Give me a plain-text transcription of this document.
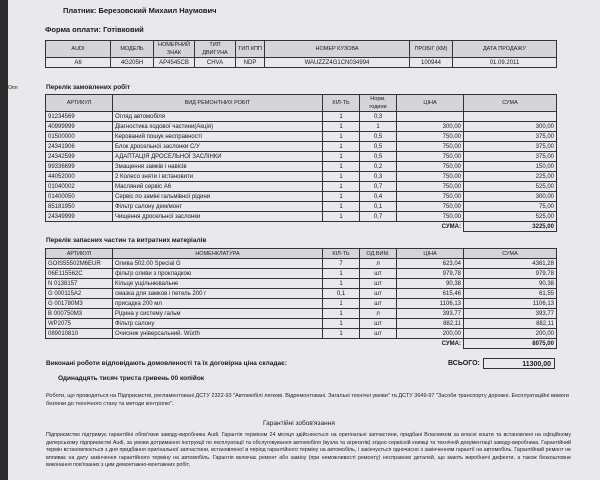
Платник: Березовский Михаил Наумович
Форма оплати: Готівковий
AUDI	МОДЕЛЬ	НОМЕРНИЙ ЗНАК	ТИП ДВИГУНА	ТИП КПП	НОМЕР КУЗОВА	ПРОБІГ (КМ)	ДАТА ПРОДАЖУ
A6	4G205H	AP4545CB	CHVA	NDP	WAUZZZ4G1CN034994	100944	01.09.2011
Опл	Перелік замовлених робіт
АРТИКУЛ	ВИД РЕМОНТНИХ РОБІТ	КІЛ-ТЬ	Норм. години	ЦІНА	СУМА
91234569	Огляд автомобіля	1	0,3		
40999999	Діагностика ходової частини(Акція)	1	1	300,00	300,00
01500000	Керований пошук несправності	1	0,5	750,00	375,00
24341906	Блок дросельної заслонки С/У	1	0,5	750,00	375,00
24342599	АДАПТАЦІЯ ДРОСЕЛЬНОЇ ЗАСЛІНКИ	1	0,5	750,00	375,00
99336699	Змащення замків і навісів	1	0,2	750,00	150,00
44052000	2 Колесо зняти і встановити	1	0,3	750,00	225,00
01040002	Масляний сервіс A6	1	0,7	750,00	525,00
01400050	Сервіс по заміні гальмівної рідини	1	0,4	750,00	300,00
85181950	Фільтр салону дем/монт	1	0,1	750,00	75,00
24349999	Чищення дросельної заслонки	1	0,7	750,00	525,00
				СУМА:	3225,00
Перелік запасних частин та витратних матеріалів
АРТИКУЛ	НОМЕНКЛАТУРА	КІЛ-ТЬ	ОД.ВИМ.	ЦІНА	СУМА
GOIS55502M6EUR	Олива 502.00 Special G	7	л	623,04	4361,28
06E115562C	фільтр оливи з прокладкою	1	шт	979,78	979,78
N 0138157	Кільце ущільнювальне	1	шт	90,38	90,38
G 000115A2	смазка для замков і петель 200 г	0,1	шт	615,46	61,55
G 001780M3	присадка 200 мл	1	шт	1106,13	1106,13
B 000750M3	Рідина у систему гальм	1	л	393,77	393,77
WP2075	Фільтр салону	1	шт	882,11	882,11
089010810	Очисник універсальний. Würth	1	шт	200,00	200,00
				СУМА:	8075,00
Виконані роботи відповідають домовленості та їх договірна ціна складає:
Одинадцять тисяч триста гривень 00 копійок
ВСЬОГО:	11300,00
Роботи, що проводяться на Підприємстві, регламентовані ДСТУ 2322-93 "Автомобілі легкові. Відремонтовані. Загальні технічні умови" та ДСТУ 3649-97 "Засоби транспорту дорожні. Експлуатаційні вимоги безпеки до технічного стану та методи контролю".
Гарантійні зобов'язання
Підприємство підтримує гарантійні обов'язки заводу-виробника Audi. Гарантія терміном 24 місяця здійснюється на оригінальні запчастини, придбані Власником за власні кошти та встановлені на офіційному дилерському підприємстві Audi, за умови дотримання інструкції по експлуатації та обслуговування автомобіля (вузла та агрегатів) згідно сервісній книжці та технічній документації заводу-виробника. Гарантійний термін встановлюється з дня придбання оригінальної запчастини, встановленої в період гарантійного терміну на автомобіль, і закінчується одночасно з закінченням гарантії на автомобіль. Гарантійний ремонт не впливає на дату закінчення гарантійного терміну на автомобіль. Гарантія включає ремонт або заміну (при неможливості ремонту) несправних деталей, що мають виробничі дефекти, а також безкоштовне виконання пов'язаних з цим демонтажно-монтажних робіт,
